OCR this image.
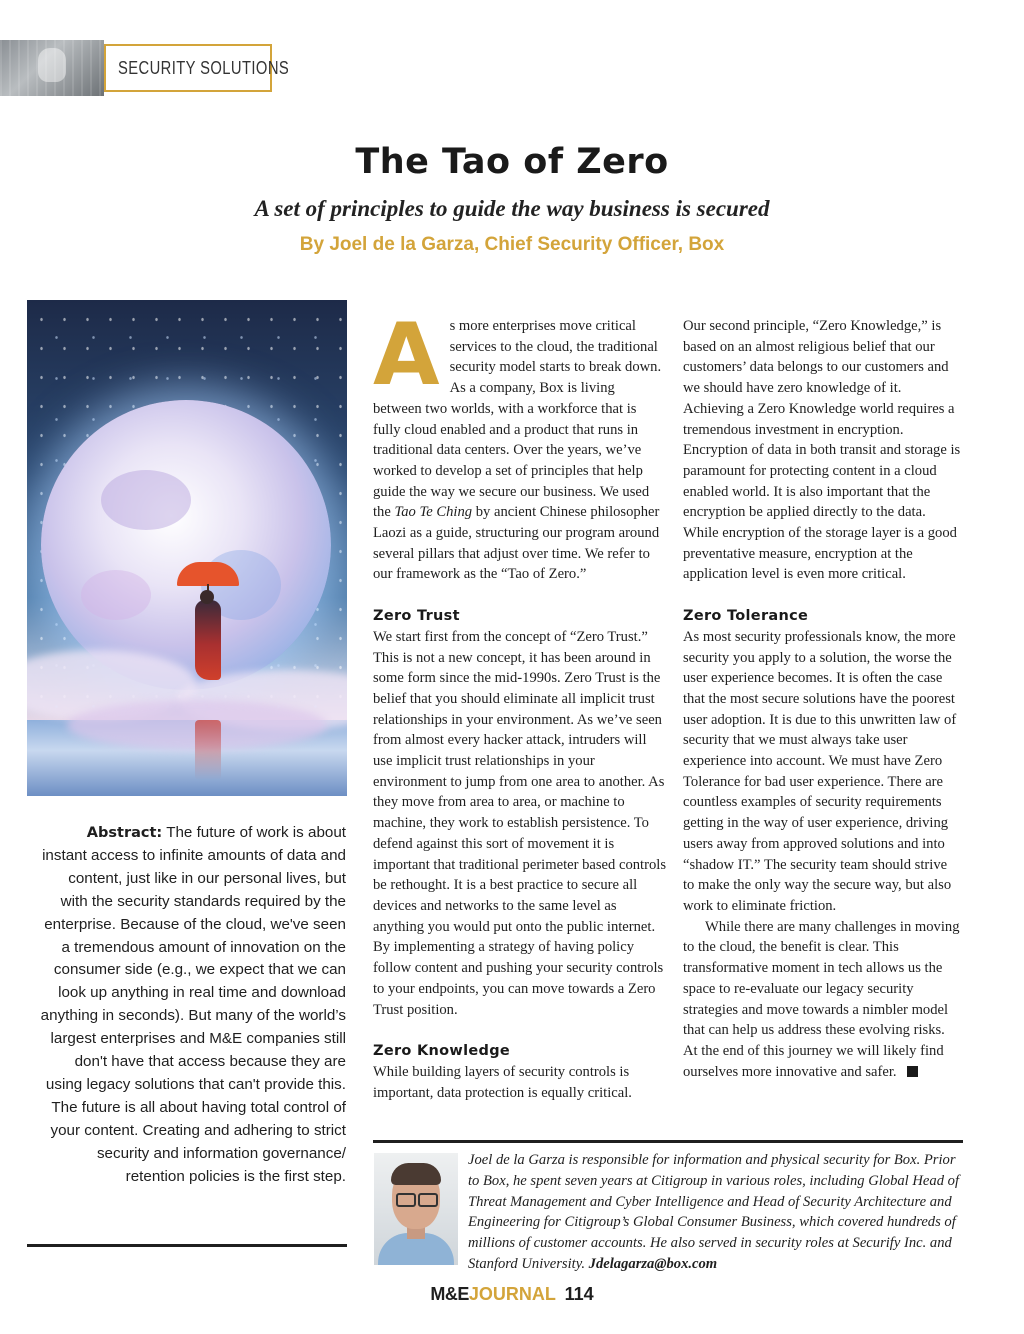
SECURITY SOLUTIONS
The Tao of Zero
A set of principles to guide the way business is secured
By Joel de la Garza, Chief Security Officer, Box
Abstract: The future of work is about instant access to infinite amounts of data and content, just like in our personal lives, but with the security standards required by the enterprise. Because of the cloud, we've seen a tremendous amount of innovation on the consumer side (e.g., we expect that we can look up anything in real time and download anything in seconds). But many of the world’s largest enterprises and M&E companies still don't have that access because they are using legacy solutions that can't provide this. The future is all about having total control of your content. Creating and adhering to strict security and information governance/ retention policies is the first step.

As more enterprises move critical services to the cloud, the traditional security model starts to break down. As a company, Box is living between two worlds, with a workforce that is fully cloud enabled and a product that runs in traditional data centers. Over the years, we’ve worked to develop a set of principles that help guide the way we secure our business. We used the Tao Te Ching by ancient Chinese philosopher Laozi as a guide, structuring our program around several pillars that adjust over time. We refer to our framework as the “Tao of Zero.”

Zero Trust

We start first from the concept of “Zero Trust.” This is not a new concept, it has been around in some form since the mid-1990s. Zero Trust is the belief that you should eliminate all implicit trust relationships in your environment. As we’ve seen from almost every hacker attack, intruders will use implicit trust relationships in your environment to jump from one area to another. As they move from area to area, or machine to machine, they work to establish persistence. To defend against this sort of movement it is important that traditional perimeter based controls be rethought. It is a best practice to secure all devices and networks to the same level as anything you would put onto the public internet. By implementing a strategy of having policy follow content and pushing your security controls to your endpoints, you can move towards a Zero Trust position.

Zero Knowledge

While building layers of security controls is important, data protection is equally critical.

Our second principle, “Zero Knowledge,” is based on an almost religious belief that our customers’ data belongs to our customers and we should have zero knowledge of it. Achieving a Zero Knowledge world requires a tremendous investment in encryption. Encryption of data in both transit and storage is paramount for protecting content in a cloud enabled world. It is also important that the encryption be applied directly to the data. While encryption of the storage layer is a good preventative measure, encryption at the application level is even more critical.

Zero Tolerance

As most security professionals know, the more security you apply to a solution, the worse the user experience becomes. It is often the case that the most secure solutions have the poorest user adoption. It is due to this unwritten law of security that we must always take user experience into account. We must have Zero Tolerance for bad user experience. There are countless examples of security requirements getting in the way of user experience, driving users away from approved solutions and into “shadow IT.” The security team should strive to make the only way the secure way, but also work to eliminate friction.

While there are many challenges in moving to the cloud, the benefit is clear. This transformative moment in tech allows us the space to re-evaluate our legacy security strategies and move towards a nimbler model that can help us address these evolving risks. At the end of this journey we will likely find ourselves more innovative and safer.

Joel de la Garza is responsible for information and physical security for Box. Prior to Box, he spent seven years at Citigroup in various roles, including Global Head of Threat Management and Cyber Intelligence and Head of Security Architecture and Engineering for Citigroup’s Global Consumer Business, which covered hundreds of millions of customer accounts. He also served in security roles at Securify Inc. and Stanford University. Jdelagarza@box.com
M&EJOURNAL 114
